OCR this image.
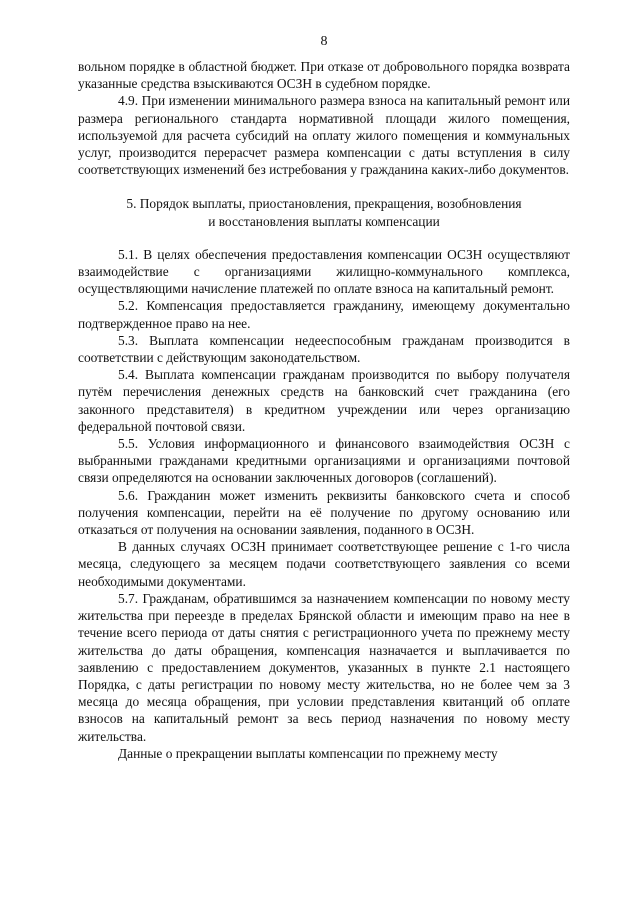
8

вольном порядке в областной бюджет. При отказе от добровольного порядка возврата указанные средства взыскиваются ОСЗН в судебном порядке.

4.9. При изменении минимального размера взноса на капитальный ремонт или размера регионального стандарта нормативной площади жилого помещения, используемой для расчета субсидий на оплату жилого помещения и коммунальных услуг, производится перерасчет размера компенсации с даты вступления в силу соответствующих изменений без истребования у гражданина каких-либо документов.

5. Порядок выплаты, приостановления, прекращения, возобновления

и восстановления выплаты компенсации

5.1. В целях обеспечения предоставления компенсации ОСЗН осуществляют взаимодействие с организациями жилищно-коммунального комплекса, осуществляющими начисление платежей по оплате взноса на капитальный ремонт.

5.2. Компенсация предоставляется гражданину, имеющему документально подтвержденное право на нее.

5.3. Выплата компенсации недееспособным гражданам производится в соответствии с действующим законодательством.

5.4. Выплата компенсации гражданам производится по выбору получателя путём перечисления денежных средств на банковский счет гражданина (его законного представителя) в кредитном учреждении или через организацию федеральной почтовой связи.

5.5. Условия информационного и финансового взаимодействия ОСЗН с выбранными гражданами кредитными организациями и организациями почтовой связи определяются на основании заключенных договоров (соглашений).

5.6. Гражданин может изменить реквизиты банковского счета и способ получения компенсации, перейти на её получение по другому основанию или отказаться от получения на основании заявления, поданного в ОСЗН.

В данных случаях ОСЗН принимает соответствующее решение с 1-го числа месяца, следующего за месяцем подачи соответствующего заявления со всеми необходимыми документами.

5.7. Гражданам, обратившимся за назначением компенсации по новому месту жительства при переезде в пределах Брянской области и имеющим право на нее в течение всего периода от даты снятия с регистрационного учета по прежнему месту жительства до даты обращения, компенсация назначается и выплачивается по заявлению с предоставлением документов, указанных в пункте 2.1 настоящего Порядка, с даты регистрации по новому месту жительства, но не более чем за 3 месяца до месяца обращения, при условии представления квитанций об оплате взносов на капитальный ремонт за весь период назначения по новому месту жительства.

Данные о прекращении выплаты компенсации по прежнему месту
